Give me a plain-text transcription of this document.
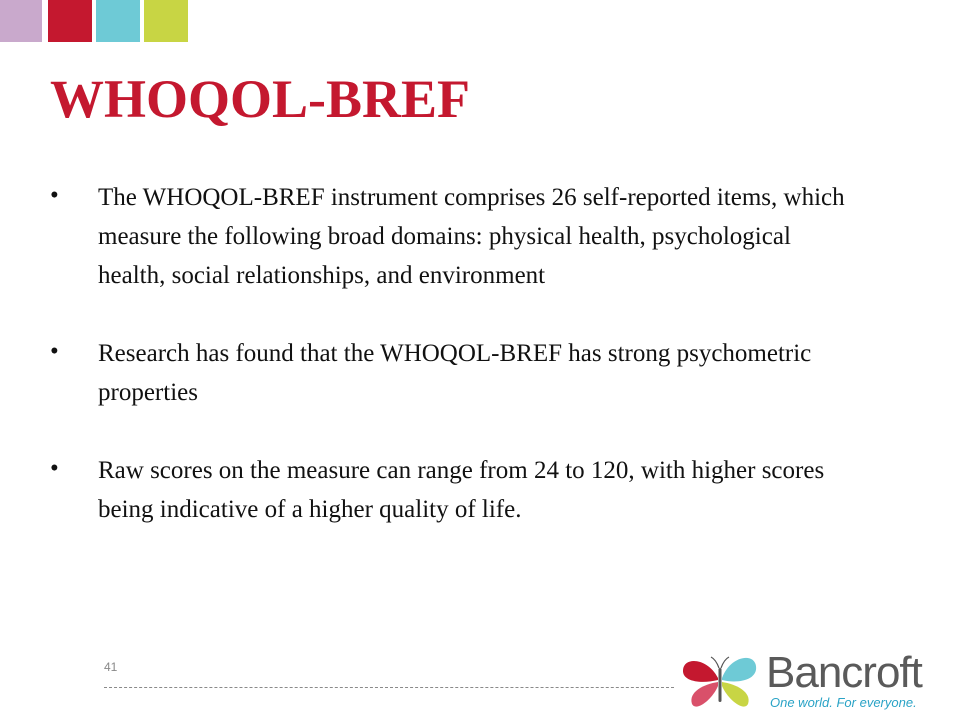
WHOQOL-BREF
• The WHOQOL-BREF instrument comprises 26 self-reported items, which measure the following broad domains: physical health, psychological health, social relationships, and environment
• Research has found that the WHOQOL-BREF has strong psychometric properties
• Raw scores on the measure can range from 24 to 120, with higher scores being indicative of a higher quality of life.
41	Bancroft
One world. For everyone.
